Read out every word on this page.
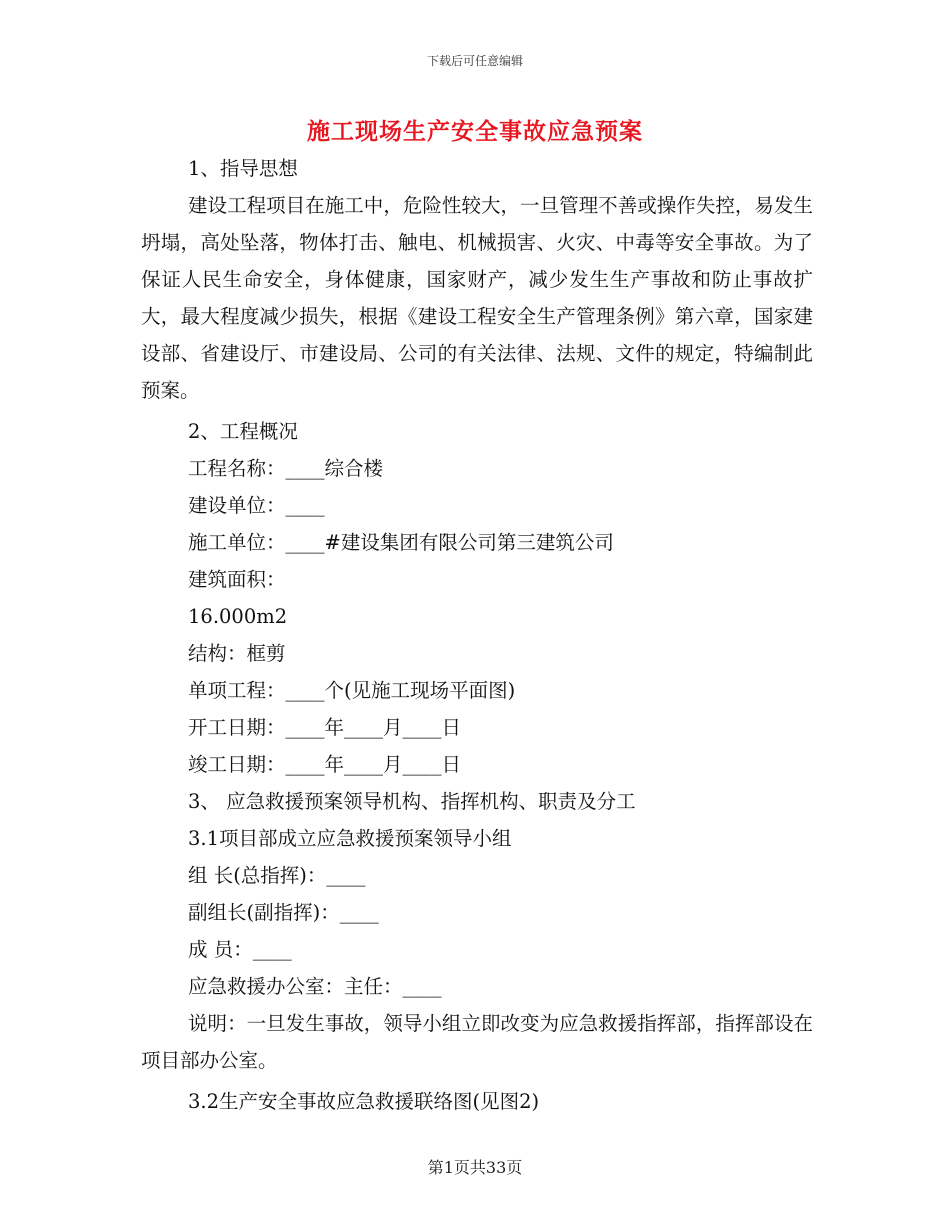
下载后可任意编辑
施工现场生产安全事故应急预案
1、指导思想

建设工程项目在施工中，危险性较大，一旦管理不善或操作失控，易发生坍塌，高处坠落，物体打击、触电、机械损害、火灾、中毒等安全事故。为了保证人民生命安全，身体健康，国家财产，减少发生生产事故和防止事故扩大，最大程度减少损失，根据《建设工程安全生产管理条例》第六章，国家建设部、省建设厅、市建设局、公司的有关法律、法规、文件的规定，特编制此预案。

2、工程概况
工程名称：____综合楼
建设单位：____
施工单位：____#建设集团有限公司第三建筑公司
建筑面积：
16.000m2
结构：框剪
单项工程：____个(见施工现场平面图)
开工日期：____年____月____日
竣工日期：____年____月____日
3、 应急救援预案领导机构、指挥机构、职责及分工
3.1项目部成立应急救援预案领导小组
组 长(总指挥)：____
副组长(副指挥)：____
成 员：____
应急救援办公室：主任：____

说明：一旦发生事故，领导小组立即改变为应急救援指挥部，指挥部设在项目部办公室。

3.2生产安全事故应急救援联络图(见图2)
第1页共33页
